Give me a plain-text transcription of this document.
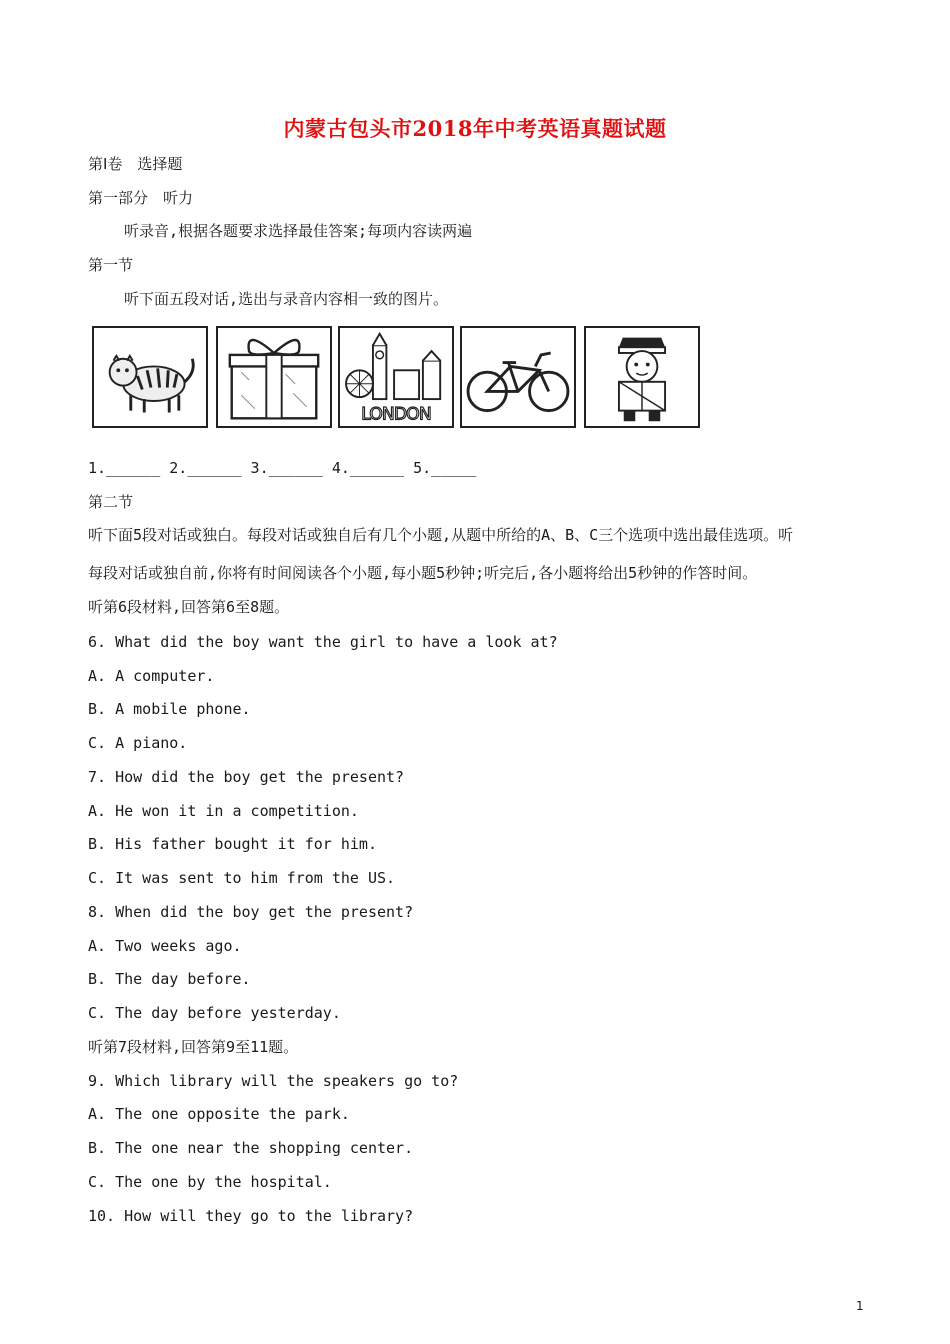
内蒙古包头市2018年中考英语真题试题
第Ⅰ卷　选择题
第一部分　听力
听录音,根据各题要求选择最佳答案;每项内容读两遍
第一节
听下面五段对话,选出与录音内容相一致的图片。
LONDON
1.______ 2.______ 3.______ 4.______ 5._____
第二节
听下面5段对话或独白。每段对话或独自后有几个小题,从题中所给的A、B、C三个选项中选出最佳选项。听
每段对话或独自前,你将有时间阅读各个小题,每小题5秒钟;听完后,各小题将给出5秒钟的作答时间。
听第6段材料,回答第6至8题。
6. What did the boy want the girl to have a look at?
A. A computer.
B. A mobile phone.
C. A piano.
7. How did the boy get the present?
A. He won it in a competition.
B. His father bought it for him.
C. It was sent to him from the US.
8. When did the boy get the present?
A. Two weeks ago.
B. The day before.
C. The day before yesterday.
听第7段材料,回答第9至11题。
9. Which library will the speakers go to?
A. The one opposite the park.
B. The one near the shopping center.
C. The one by the hospital.
10. How will they go to the library?
1
